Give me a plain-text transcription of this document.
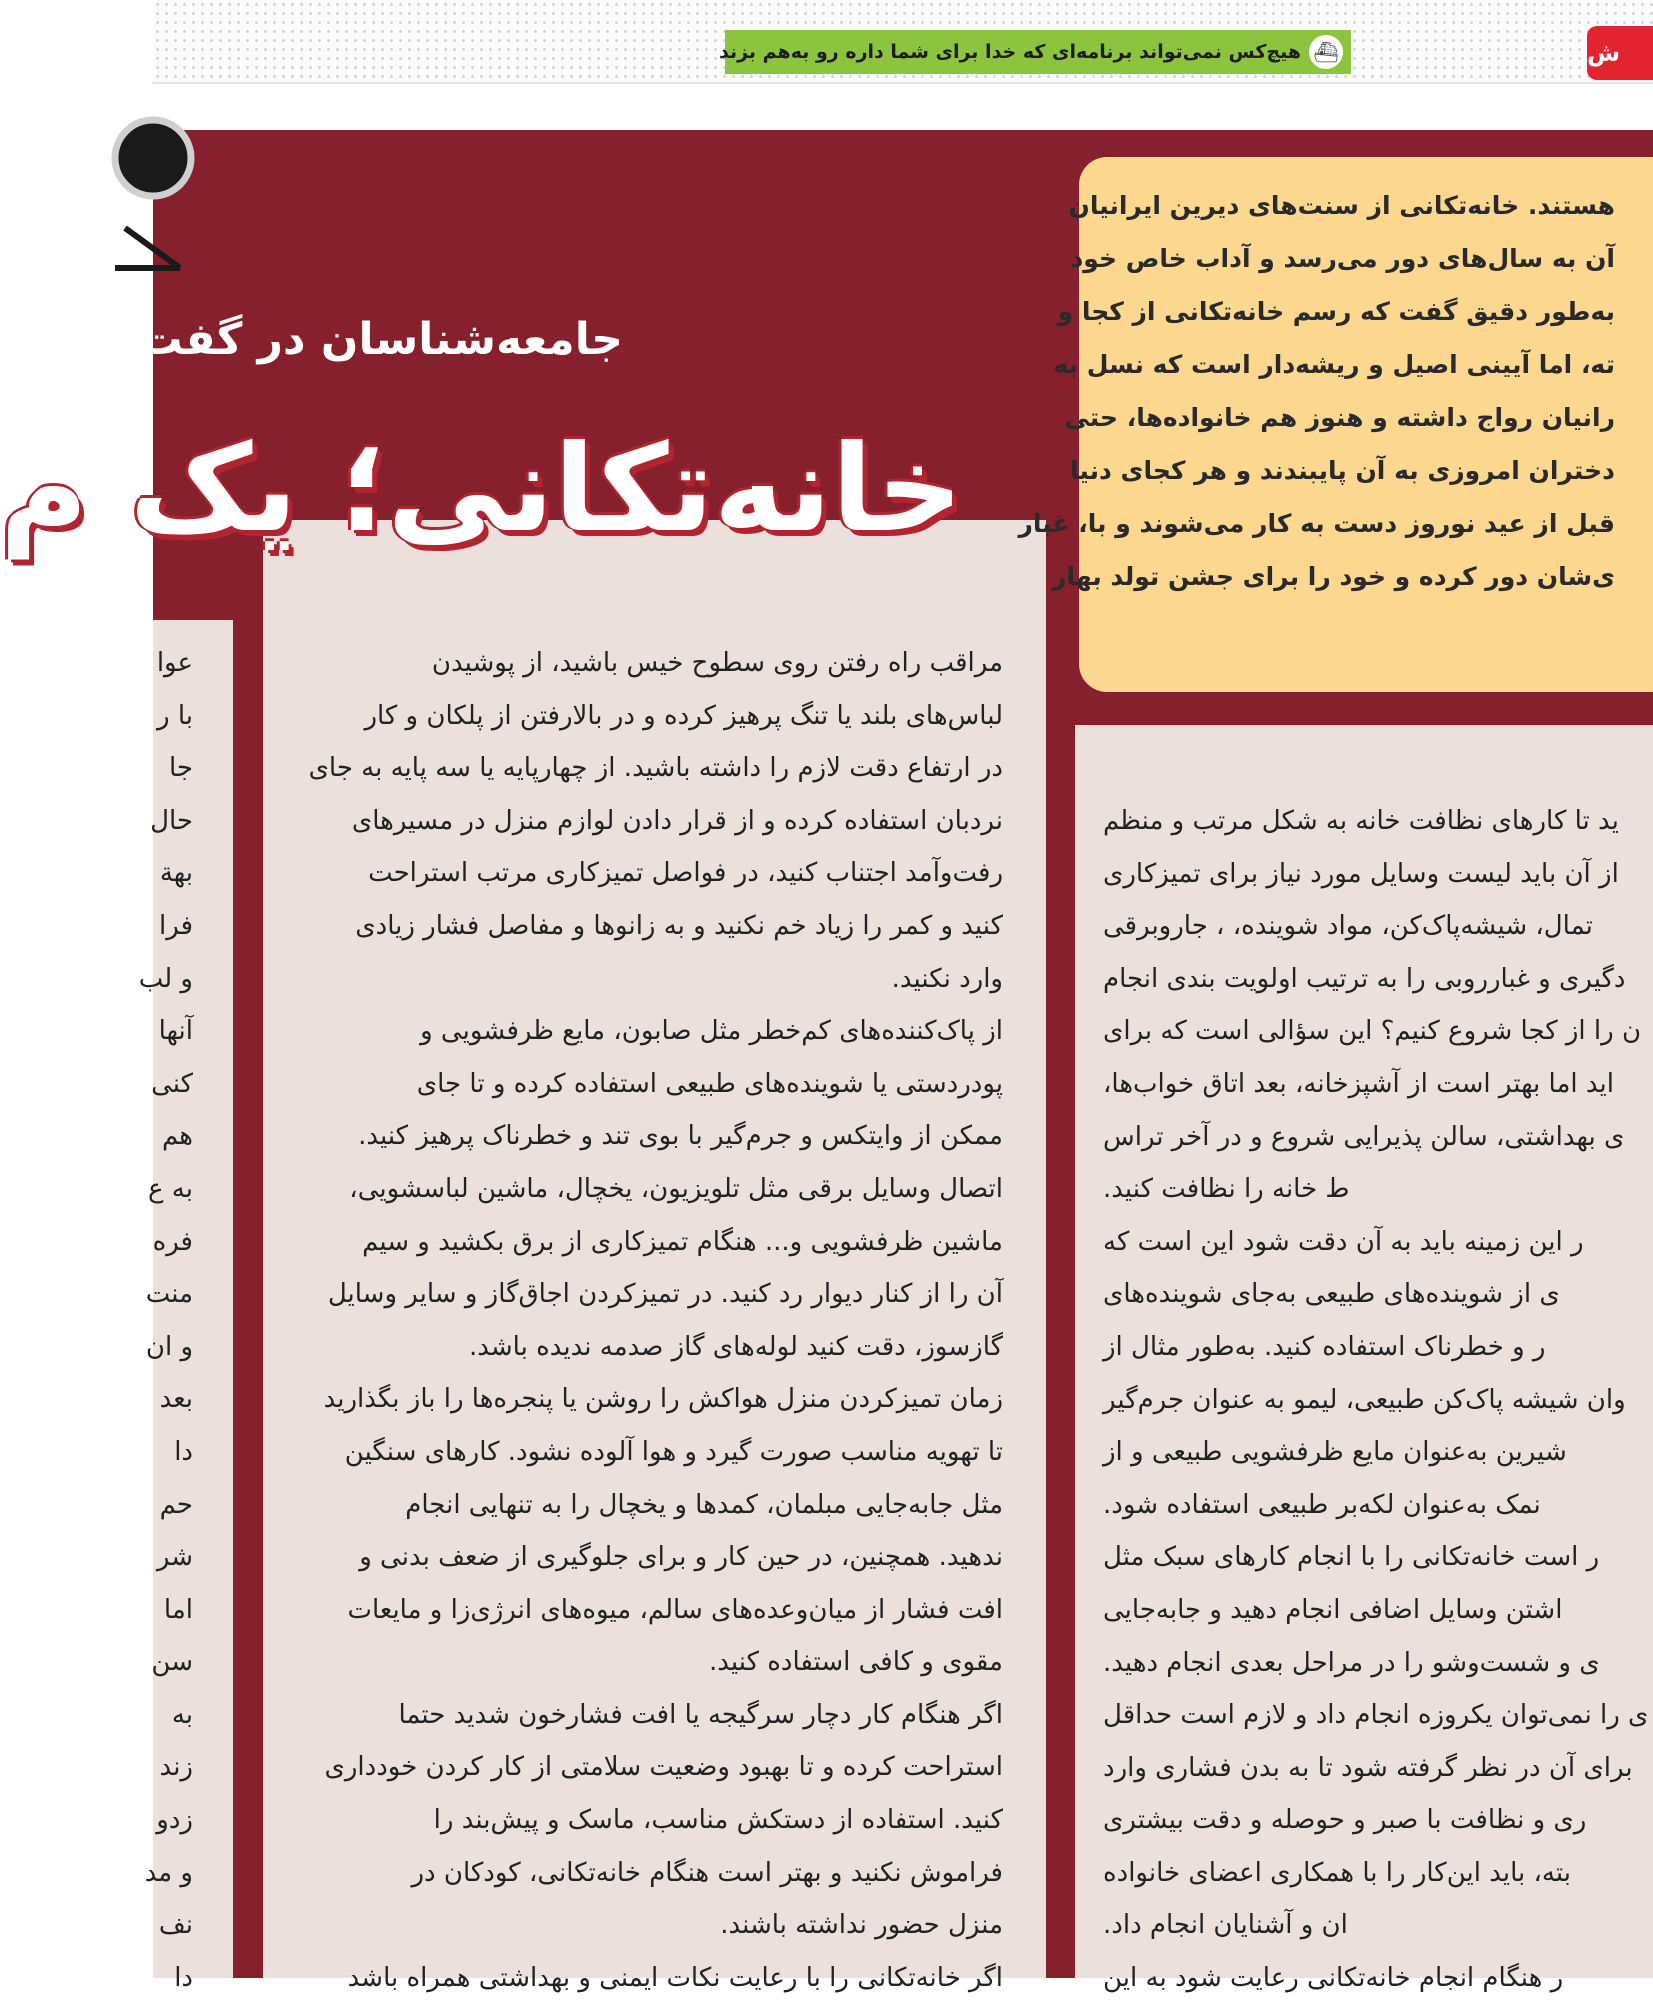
⛴
هیچ‌کس نمی‌تواند برنامه‌ای که خدا برای شما داره رو به‌هم بزند	ش
جامعه‌شناسان در گفت‌وگ
خانه‌تکانی؛ یک م
هستند. خانه‌تکانی از سنت‌های دیرین ایرانیان
آن به سال‌های دور می‌رسد و آداب خاص خود
به‌طور دقیق گفت که رسم خانه‌تکانی از کجا و
ته، اما آیینی اصیل و ریشه‌دار است که نسل به
رانیان رواج داشته و هنوز هم خانواده‌ها، حتی
دختران امروزی به آن پایبندند و هر کجای دنیا
قبل از عید نوروز دست به کار می‌شوند و با، غبار
ی‌شان دور کرده و خود را برای جشن تولد بهار
مراقب راه رفتن روی سطوح خیس باشید، از پوشیدن
لباس‌های بلند یا تنگ پرهیز کرده و در بالارفتن از پلکان و کار
در ارتفاع دقت لازم را داشته باشید. از چهارپایه یا سه پایه به جای
نردبان استفاده کرده و از قرار دادن لوازم منزل در مسیرهای
رفت‌وآمد اجتناب کنید، در فواصل تمیزکاری مرتب استراحت
کنید و کمر را زیاد خم نکنید و به زانوها و مفاصل فشار زیادی
وارد نکنید.
از پاک‌کننده‌های کم‌خطر مثل صابون، مایع ظرفشویی و
پودردستی یا شوینده‌های طبیعی استفاده کرده و تا جای
ممکن از وایتکس و جرم‌گیر با بوی تند و خطرناک پرهیز کنید.
اتصال وسایل برقی مثل تلویزیون، یخچال، ماشین لباسشویی،
ماشین ظرفشویی و... هنگام تمیزکاری از برق بکشید و سیم
آن را از کنار دیوار رد کنید. در تمیزکردن اجاق‌گاز و سایر وسایل
گازسوز، دقت کنید لوله‌های گاز صدمه ندیده باشد.
زمان تمیزکردن منزل هواکش را روشن یا پنجره‌ها را باز بگذارید
تا تهویه مناسب صورت گیرد و هوا آلوده نشود. کارهای سنگین
مثل جابه‌جایی مبلمان، کمدها و یخچال را به تنهایی انجام
ندهید. همچنین، در حین کار و برای جلوگیری از ضعف بدنی و
افت فشار از میان‌وعده‌های سالم، میوه‌های انرژی‌زا و مایعات
مقوی و کافی استفاده کنید.
اگر هنگام کار دچار سرگیجه یا افت فشارخون شدید حتما
استراحت کرده و تا بهبود وضعیت سلامتی از کار کردن خودداری
کنید. استفاده از دستکش مناسب، ماسک و پیش‌بند را
فراموش نکنید و بهتر است هنگام خانه‌تکانی، کودکان در
منزل حضور نداشته باشند.
اگر خانه‌تکانی را با رعایت نکات ایمنی و بهداشتی همراه باشد
ید تا کارهای نظافت خانه به شکل مرتب و منظم
از آن باید لیست وسایل مورد نیاز برای تمیزکاری
تمال، شیشه‌پاک‌کن، مواد شوینده، ، جاروبرقی
دگیری و غبارروبی را به ترتیب اولویت بندی انجام
ن را از کجا شروع کنیم؟ این سؤالی است که برای
اید اما بهتر است از آشپزخانه، بعد اتاق خواب‌ها،
ی بهداشتی، سالن پذیرایی شروع و در آخر تراس
ط خانه را نظافت کنید.
ر این زمینه باید به آن دقت شود این است که
ی از شوینده‌های طبیعی به‌جای شوینده‌های
ر و خطرناک استفاده کنید. به‌طور مثال از
وان شیشه پاک‌کن طبیعی، لیمو به عنوان جرم‌گیر
شیرین به‌عنوان مایع ظرفشویی طبیعی و از
نمک به‌عنوان لکه‌بر طبیعی استفاده شود.
ر است خانه‌تکانی را با انجام کارهای سبک مثل
اشتن وسایل اضافی انجام دهید و جابه‌جایی
ی و شست‌وشو را در مراحل بعدی انجام دهید.
ی را نمی‌توان یکروزه انجام داد و لازم است حداقل
برای آن در نظر گرفته شود تا به بدن فشاری وارد
ری و نظافت با صبر و حوصله و دقت بیشتری
بته، باید این‌کار را با همکاری اعضای خانواده
ان و آشنایان انجام داد.
ر هنگام انجام خانه‌تکانی رعایت شود به این
عوا
با ر
جا
حال
بهة
فرا
و لب
آنها
کنی
هم
به ع
فره
منت
و ان
بعد
دا
حم
شر
اما
سن
به
زند
زدو
و مد
نف
دا
